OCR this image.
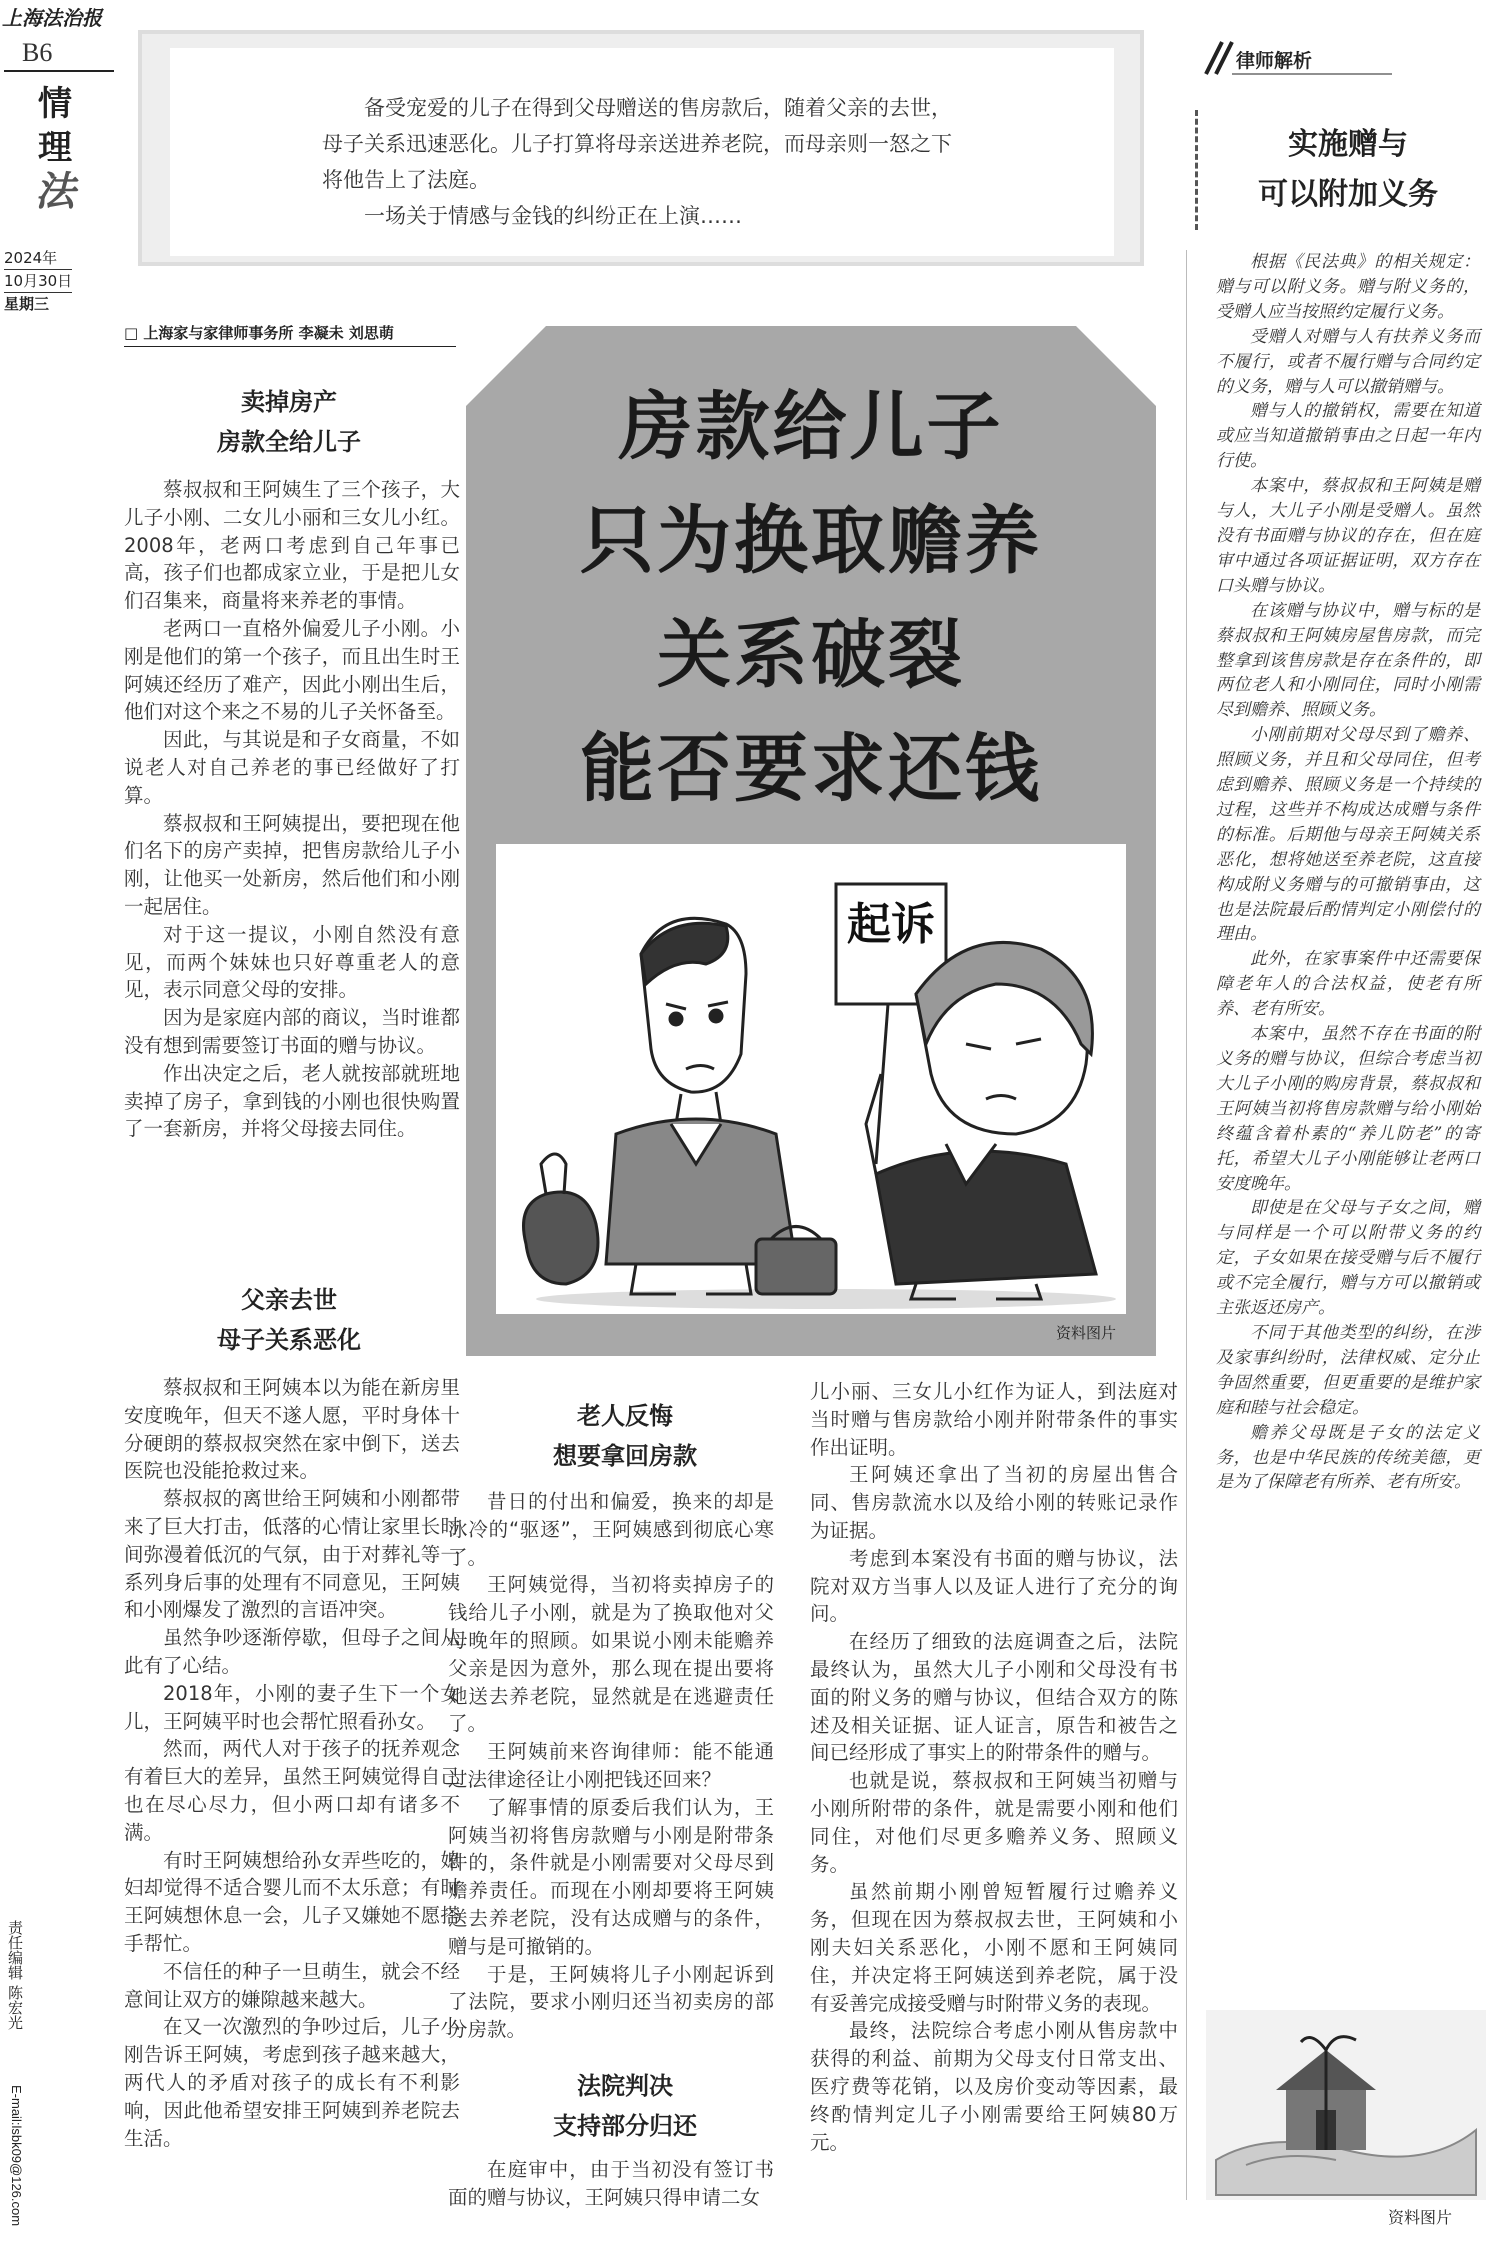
上海法治报
B6
情
理
法
2024年
10月30日
星期三
责任编辑 陈宏光
E-mail:lsbk09@126.com

备受宠爱的儿子在得到父母赠送的售房款后，随着父亲的去世，母子关系迅速恶化。儿子打算将母亲送进养老院，而母亲则一怒之下将他告上了法庭。

一场关于情感与金钱的纠纷正在上演……

□ 上海家与家律师事务所 李凝未 刘思萌
房款给儿子
只为换取赡养
关系破裂
能否要求还钱
起诉
资料图片
卖掉房产
房款全给儿子

蔡叔叔和王阿姨生了三个孩子，大儿子小刚、二女儿小丽和三女儿小红。2008年，老两口考虑到自己年事已高，孩子们也都成家立业，于是把儿女们召集来，商量将来养老的事情。

老两口一直格外偏爱儿子小刚。小刚是他们的第一个孩子，而且出生时王阿姨还经历了难产，因此小刚出生后，他们对这个来之不易的儿子关怀备至。

因此，与其说是和子女商量，不如说老人对自己养老的事已经做好了打算。

蔡叔叔和王阿姨提出，要把现在他们名下的房产卖掉，把售房款给儿子小刚，让他买一处新房，然后他们和小刚一起居住。

对于这一提议，小刚自然没有意见，而两个妹妹也只好尊重老人的意见，表示同意父母的安排。

因为是家庭内部的商议，当时谁都没有想到需要签订书面的赠与协议。

作出决定之后，老人就按部就班地卖掉了房子，拿到钱的小刚也很快购置了一套新房，并将父母接去同住。

父亲去世
母子关系恶化

蔡叔叔和王阿姨本以为能在新房里安度晚年，但天不遂人愿，平时身体十分硬朗的蔡叔叔突然在家中倒下，送去医院也没能抢救过来。

蔡叔叔的离世给王阿姨和小刚都带来了巨大打击，低落的心情让家里长时间弥漫着低沉的气氛，由于对葬礼等一系列身后事的处理有不同意见，王阿姨和小刚爆发了激烈的言语冲突。

虽然争吵逐渐停歇，但母子之间从此有了心结。

2018年，小刚的妻子生下一个女儿，王阿姨平时也会帮忙照看孙女。

然而，两代人对于孩子的抚养观念有着巨大的差异，虽然王阿姨觉得自己也在尽心尽力，但小两口却有诸多不满。

有时王阿姨想给孙女弄些吃的，媳妇却觉得不适合婴儿而不太乐意；有时王阿姨想休息一会，儿子又嫌她不愿搭手帮忙。

不信任的种子一旦萌生，就会不经意间让双方的嫌隙越来越大。

在又一次激烈的争吵过后，儿子小刚告诉王阿姨，考虑到孩子越来越大，两代人的矛盾对孩子的成长有不利影响，因此他希望安排王阿姨到养老院去生活。

老人反悔
想要拿回房款

昔日的付出和偏爱，换来的却是冰冷的“驱逐”，王阿姨感到彻底心寒了。

王阿姨觉得，当初将卖掉房子的钱给儿子小刚，就是为了换取他对父母晚年的照顾。如果说小刚未能赡养父亲是因为意外，那么现在提出要将她送去养老院，显然就是在逃避责任了。

王阿姨前来咨询律师：能不能通过法律途径让小刚把钱还回来？

了解事情的原委后我们认为，王阿姨当初将售房款赠与小刚是附带条件的，条件就是小刚需要对父母尽到赡养责任。而现在小刚却要将王阿姨送去养老院，没有达成赠与的条件，赠与是可撤销的。

于是，王阿姨将儿子小刚起诉到了法院，要求小刚归还当初卖房的部分房款。

法院判决
支持部分归还

在庭审中，由于当初没有签订书面的赠与协议，王阿姨只得申请二女

儿小丽、三女儿小红作为证人，到法庭对当时赠与售房款给小刚并附带条件的事实作出证明。

王阿姨还拿出了当初的房屋出售合同、售房款流水以及给小刚的转账记录作为证据。

考虑到本案没有书面的赠与协议，法院对双方当事人以及证人进行了充分的询问。

在经历了细致的法庭调查之后，法院最终认为，虽然大儿子小刚和父母没有书面的附义务的赠与协议，但结合双方的陈述及相关证据、证人证言，原告和被告之间已经形成了事实上的附带条件的赠与。

也就是说，蔡叔叔和王阿姨当初赠与小刚所附带的条件，就是需要小刚和他们同住，对他们尽更多赡养义务、照顾义务。

虽然前期小刚曾短暂履行过赡养义务，但现在因为蔡叔叔去世，王阿姨和小刚夫妇关系恶化，小刚不愿和王阿姨同住，并决定将王阿姨送到养老院，属于没有妥善完成接受赠与时附带义务的表现。

最终，法院综合考虑小刚从售房款中获得的利益、前期为父母支付日常支出、医疗费等花销，以及房价变动等因素，最终酌情判定儿子小刚需要给王阿姨80万元。

律师解析
实施赠与
可以附加义务

根据《民法典》的相关规定：赠与可以附义务。赠与附义务的，受赠人应当按照约定履行义务。

受赠人对赠与人有扶养义务而不履行，或者不履行赠与合同约定的义务，赠与人可以撤销赠与。

赠与人的撤销权，需要在知道或应当知道撤销事由之日起一年内行使。

本案中，蔡叔叔和王阿姨是赠与人，大儿子小刚是受赠人。虽然没有书面赠与协议的存在，但在庭审中通过各项证据证明，双方存在口头赠与协议。

在该赠与协议中，赠与标的是蔡叔叔和王阿姨房屋售房款，而完整拿到该售房款是存在条件的，即两位老人和小刚同住，同时小刚需尽到赡养、照顾义务。

小刚前期对父母尽到了赡养、照顾义务，并且和父母同住，但考虑到赡养、照顾义务是一个持续的过程，这些并不构成达成赠与条件的标准。后期他与母亲王阿姨关系恶化，想将她送至养老院，这直接构成附义务赠与的可撤销事由，这也是法院最后酌情判定小刚偿付的理由。

此外，在家事案件中还需要保障老年人的合法权益，使老有所养、老有所安。

本案中，虽然不存在书面的附义务的赠与协议，但综合考虑当初大儿子小刚的购房背景，蔡叔叔和王阿姨当初将售房款赠与给小刚始终蕴含着朴素的“养儿防老”的寄托，希望大儿子小刚能够让老两口安度晚年。

即使是在父母与子女之间，赠与同样是一个可以附带义务的约定，子女如果在接受赠与后不履行或不完全履行，赠与方可以撤销或主张返还房产。

不同于其他类型的纠纷，在涉及家事纠纷时，法律权威、定分止争固然重要，但更重要的是维护家庭和睦与社会稳定。

赡养父母既是子女的法定义务，也是中华民族的传统美德，更是为了保障老有所养、老有所安。

资料图片
